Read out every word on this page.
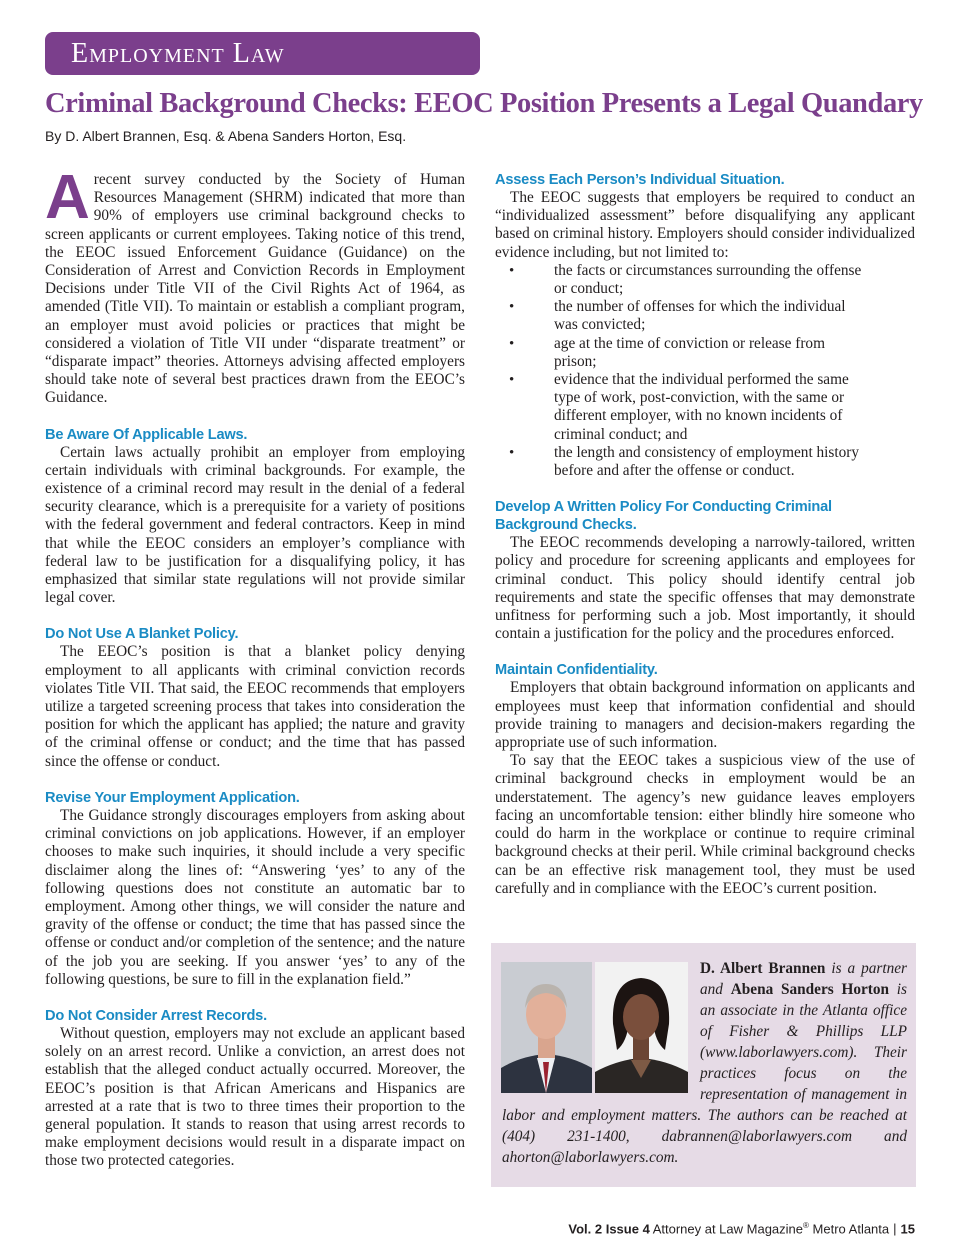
Employment Law
Criminal Background Checks: EEOC Position Presents a Legal Quandary
By D. Albert Brannen, Esq. & Abena Sanders Horton, Esq.

Arecent survey conducted by the Society of Human Resources Management (SHRM) indicated that more than 90% of employers use criminal background checks to screen applicants or current employees. Taking notice of this trend, the EEOC issued Enforcement Guidance (Guidance) on the Consideration of Arrest and Conviction Records in Employment Decisions under Title VII of the Civil Rights Act of 1964, as amended (Title VII). To maintain or establish a compliant program, an employer must avoid policies or practices that might be considered a violation of Title VII under “disparate treatment” or “disparate impact” theories. Attorneys advising affected employers should take note of several best practices drawn from the EEOC’s Guidance.

Be Aware Of Applicable Laws.

Certain laws actually prohibit an employer from employing certain individuals with criminal backgrounds. For example, the existence of a criminal record may result in the denial of a federal security clearance, which is a prerequisite for a variety of positions with the federal government and federal contractors. Keep in mind that while the EEOC considers an employer’s compliance with federal law to be justification for a disqualifying policy, it has emphasized that similar state regulations will not provide similar legal cover.

Do Not Use A Blanket Policy.

The EEOC’s position is that a blanket policy denying employment to all applicants with criminal conviction records violates Title VII. That said, the EEOC recommends that employers utilize a targeted screening process that takes into consideration the position for which the applicant has applied; the nature and gravity of the criminal offense or conduct; and the time that has passed since the offense or conduct.

Revise Your Employment Application.

The Guidance strongly discourages employers from asking about criminal convictions on job applications. However, if an employer chooses to make such inquiries, it should include a very specific disclaimer along the lines of: “Answering ‘yes’ to any of the following questions does not constitute an automatic bar to employment. Among other things, we will consider the nature and gravity of the offense or conduct; the time that has passed since the offense or conduct and/or completion of the sentence; and the nature of the job you are seeking. If you answer ‘yes’ to any of the following questions, be sure to fill in the explanation field.”

Do Not Consider Arrest Records.

Without question, employers may not exclude an applicant based solely on an arrest record. Unlike a conviction, an arrest does not establish that the alleged conduct actually occurred. Moreover, the EEOC’s position is that African Americans and Hispanics are arrested at a rate that is two to three times their proportion to the general population. It stands to reason that using arrest records to make employment decisions would result in a disparate impact on those two protected categories.

Assess Each Person’s Individual Situation.

The EEOC suggests that employers be required to conduct an “individualized assessment” before disqualifying any applicant based on criminal history. Employers should consider individualized evidence including, but not limited to:

• the facts or circumstances surrounding the offense or conduct;
• the number of offenses for which the individual was convicted;
• age at the time of conviction or release from prison;
• evidence that the individual performed the same type of work, post-conviction, with the same or different employer, with no known incidents of criminal conduct; and
• the length and consistency of employment history before and after the offense or conduct.
Develop A Written Policy For Conducting Criminal Background Checks.

The EEOC recommends developing a narrowly-tailored, written policy and procedure for screening applicants and employees for criminal conduct. This policy should identify central job requirements and state the specific offenses that may demonstrate unfitness for performing such a job. Most importantly, it should contain a justification for the policy and the procedures enforced.

Maintain Confidentiality.

Employers that obtain background information on applicants and employees must keep that information confidential and should provide training to managers and decision-makers regarding the appropriate use of such information.

To say that the EEOC takes a suspicious view of the use of criminal background checks in employment would be an understatement. The agency’s new guidance leaves employers facing an uncomfortable tension: either blindly hire someone who could do harm in the workplace or continue to require criminal background checks at their peril. While criminal background checks can be an effective risk management tool, they must be used carefully and in compliance with the EEOC’s current position.

D. Albert Brannen is a partner and Abena Sanders Horton is an associate in the Atlanta office of Fisher & Phillips LLP (www.laborlawyers.com). Their practices focus on the representation of management in labor and employment matters. The authors can be reached at (404) 231-1400, dabrannen@laborlawyers.com and ahorton@laborlawyers.com.
Vol. 2 Issue 4 Attorney at Law Magazine® Metro Atlanta | 15
